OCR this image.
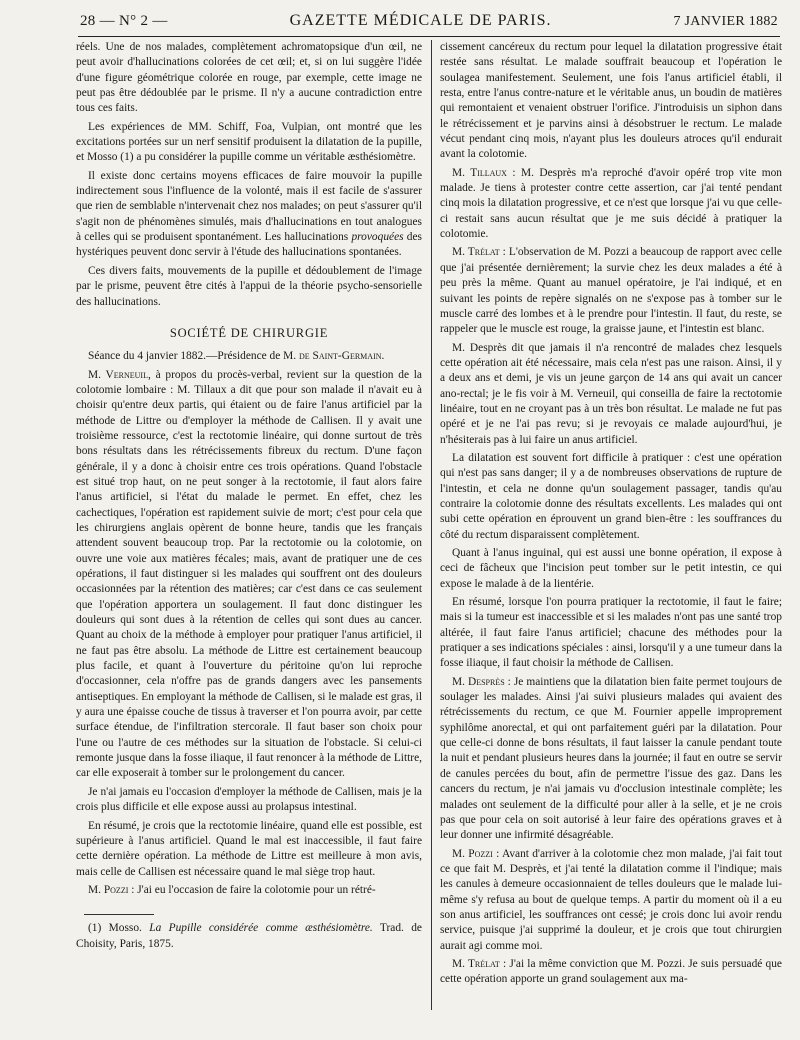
28 — N° 2 —	GAZETTE MÉDICALE DE PARIS.	7 JANVIER 1882

réels. Une de nos malades, complètement achromatopsique d'un œil, ne peut avoir d'hallucinations colorées de cet œil; et, si on lui suggère l'idée d'une figure géométrique colorée en rouge, par exemple, cette image ne peut pas être dédoublée par le prisme. Il n'y a aucune contradiction entre tous ces faits.

Les expériences de MM. Schiff, Foa, Vulpian, ont montré que les excitations portées sur un nerf sensitif produisent la dilatation de la pupille, et Mosso (1) a pu considérer la pupille comme un véritable æsthésiomètre.

Il existe donc certains moyens efficaces de faire mouvoir la pupille indirectement sous l'influence de la volonté, mais il est facile de s'assurer que rien de semblable n'intervenait chez nos malades; on peut s'assurer qu'il s'agit non de phénomènes simulés, mais d'hallucinations en tout analogues à celles qui se produisent spontanément. Les hallucinations provoquées des hystériques peuvent donc servir à l'étude des hallucinations spontanées.

Ces divers faits, mouvements de la pupille et dédoublement de l'image par le prisme, peuvent être cités à l'appui de la théorie psycho-sensorielle des hallucinations.

SOCIÉTÉ DE CHIRURGIE

Séance du 4 janvier 1882.—Présidence de M. de Saint-Germain.

M. Verneuil, à propos du procès-verbal, revient sur la question de la colotomie lombaire : M. Tillaux a dit que pour son malade il n'avait eu à choisir qu'entre deux partis, qui étaient ou de faire l'anus artificiel par la méthode de Littre ou d'employer la méthode de Callisen. Il y avait une troisième ressource, c'est la rectotomie linéaire, qui donne surtout de très bons résultats dans les rétrécissements fibreux du rectum. D'une façon générale, il y a donc à choisir entre ces trois opérations. Quand l'obstacle est situé trop haut, on ne peut songer à la rectotomie, il faut alors faire l'anus artificiel, si l'état du malade le permet. En effet, chez les cachectiques, l'opération est rapidement suivie de mort; c'est pour cela que les chirurgiens anglais opèrent de bonne heure, tandis que les français attendent souvent beaucoup trop. Par la rectotomie ou la colotomie, on ouvre une voie aux matières fécales; mais, avant de pratiquer une de ces opérations, il faut distinguer si les malades qui souffrent ont des douleurs occasionnées par la rétention des matières; car c'est dans ce cas seulement que l'opération apportera un soulagement. Il faut donc distinguer les douleurs qui sont dues à la rétention de celles qui sont dues au cancer. Quant au choix de la méthode à employer pour pratiquer l'anus artificiel, il ne faut pas être absolu. La méthode de Littre est certainement beaucoup plus facile, et quant à l'ouverture du péritoine qu'on lui reproche d'occasionner, cela n'offre pas de grands dangers avec les pansements antiseptiques. En employant la méthode de Callisen, si le malade est gras, il y aura une épaisse couche de tissus à traverser et l'on pourra avoir, par cette surface étendue, de l'infiltration stercorale. Il faut baser son choix pour l'une ou l'autre de ces méthodes sur la situation de l'obstacle. Si celui-ci remonte jusque dans la fosse iliaque, il faut renoncer à la méthode de Littre, car elle exposerait à tomber sur le prolongement du cancer.

Je n'ai jamais eu l'occasion d'employer la méthode de Callisen, mais je la crois plus difficile et elle expose aussi au prolapsus intestinal.

En résumé, je crois que la rectotomie linéaire, quand elle est possible, est supérieure à l'anus artificiel. Quand le mal est inaccessible, il faut faire cette dernière opération. La méthode de Littre est meilleure à mon avis, mais celle de Callisen est nécessaire quand le mal siège trop haut.

M. Pozzi : J'ai eu l'occasion de faire la colotomie pour un rétré-

(1) Mosso. La Pupille considérée comme æsthésiomètre. Trad. de Choisity, Paris, 1875.

cissement cancéreux du rectum pour lequel la dilatation progressive était restée sans résultat. Le malade souffrait beaucoup et l'opération le soulagea manifestement. Seulement, une fois l'anus artificiel établi, il resta, entre l'anus contre-nature et le véritable anus, un boudin de matières qui remontaient et venaient obstruer l'orifice. J'introduisis un siphon dans le rétrécissement et je parvins ainsi à désobstruer le rectum. Le malade vécut pendant cinq mois, n'ayant plus les douleurs atroces qu'il endurait avant la colotomie.

M. Tillaux : M. Desprès m'a reproché d'avoir opéré trop vite mon malade. Je tiens à protester contre cette assertion, car j'ai tenté pendant cinq mois la dilatation progressive, et ce n'est que lorsque j'ai vu que celle-ci restait sans aucun résultat que je me suis décidé à pratiquer la colotomie.

M. Trélat : L'observation de M. Pozzi a beaucoup de rapport avec celle que j'ai présentée dernièrement; la survie chez les deux malades a été à peu près la même. Quant au manuel opératoire, je l'ai indiqué, et en suivant les points de repère signalés on ne s'expose pas à tomber sur le muscle carré des lombes et à le prendre pour l'intestin. Il faut, du reste, se rappeler que le muscle est rouge, la graisse jaune, et l'intestin est blanc.

M. Desprès dit que jamais il n'a rencontré de malades chez lesquels cette opération ait été nécessaire, mais cela n'est pas une raison. Ainsi, il y a deux ans et demi, je vis un jeune garçon de 14 ans qui avait un cancer ano-rectal; je le fis voir à M. Verneuil, qui conseilla de faire la rectotomie linéaire, tout en ne croyant pas à un très bon résultat. Le malade ne fut pas opéré et je ne l'ai pas revu; si je revoyais ce malade aujourd'hui, je n'hésiterais pas à lui faire un anus artificiel.

La dilatation est souvent fort difficile à pratiquer : c'est une opération qui n'est pas sans danger; il y a de nombreuses observations de rupture de l'intestin, et cela ne donne qu'un soulagement passager, tandis qu'au contraire la colotomie donne des résultats excellents. Les malades qui ont subi cette opération en éprouvent un grand bien-être : les souffrances du côté du rectum disparaissent complètement.

Quant à l'anus inguinal, qui est aussi une bonne opération, il expose à ceci de fâcheux que l'incision peut tomber sur le petit intestin, ce qui expose le malade à de la lientérie.

En résumé, lorsque l'on pourra pratiquer la rectotomie, il faut le faire; mais si la tumeur est inaccessible et si les malades n'ont pas une santé trop altérée, il faut faire l'anus artificiel; chacune des méthodes pour la pratiquer a ses indications spéciales : ainsi, lorsqu'il y a une tumeur dans la fosse iliaque, il faut choisir la méthode de Callisen.

M. Desprès : Je maintiens que la dilatation bien faite permet toujours de soulager les malades. Ainsi j'ai suivi plusieurs malades qui avaient des rétrécissements du rectum, ce que M. Fournier appelle improprement syphilôme anorectal, et qui ont parfaitement guéri par la dilatation. Pour que celle-ci donne de bons résultats, il faut laisser la canule pendant toute la nuit et pendant plusieurs heures dans la journée; il faut en outre se servir de canules percées du bout, afin de permettre l'issue des gaz. Dans les cancers du rectum, je n'ai jamais vu d'occlusion intestinale complète; les malades ont seulement de la difficulté pour aller à la selle, et je ne crois pas que pour cela on soit autorisé à leur faire des opérations graves et à leur donner une infirmité désagréable.

M. Pozzi : Avant d'arriver à la colotomie chez mon malade, j'ai fait tout ce que fait M. Desprès, et j'ai tenté la dilatation comme il l'indique; mais les canules à demeure occasionnaient de telles douleurs que le malade lui-même s'y refusa au bout de quelque temps. A partir du moment où il a eu son anus artificiel, les souffrances ont cessé; je crois donc lui avoir rendu service, puisque j'ai supprimé la douleur, et je crois que tout chirurgien aurait agi comme moi.

M. Trélat : J'ai la même conviction que M. Pozzi. Je suis persuadé que cette opération apporte un grand soulagement aux ma-
